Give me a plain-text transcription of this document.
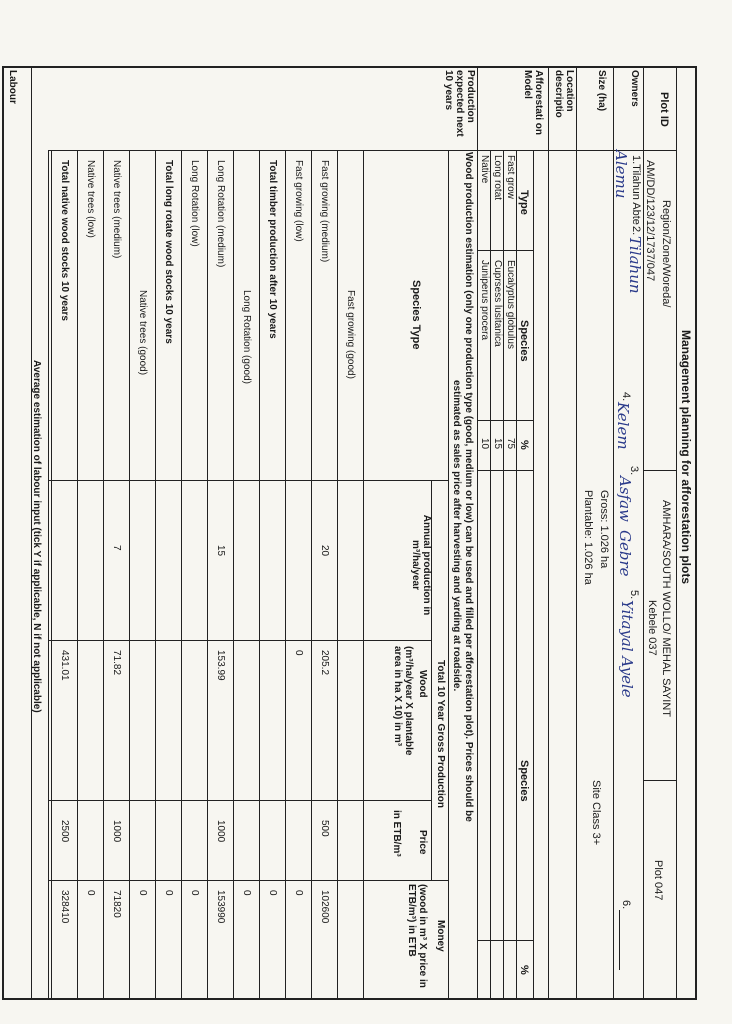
Management planning for afforestation plots
Plot ID
Region/Zone/Woreda/
AMHARA/SOUTH WOLLO/ MEHAL SAYINT
Kebele 037
Plot 047
AM/DD/123/12/1737/047
Owners
1.Tilahun Abte
2.
Tilahun
Alemu
4.
Kelem
3.
Asfaw
Gebre
5.
Yitayal Ayele
6.
Size (ha)
Gross: 1.026 ha
Plantable: 1.026 ha
Site Class 3+
Location descriptio
Afforestati on Model
Type
Species
%
Species
%
Fast grow
Eucalyptus globulus
75
Long rotat
Cuprsess lusitanica
15
Native
Juniperus procera
10
Production expected next 10 years
Wood production estimation (only one production type (good, medium or low) can be used and filled per afforestation plot). Prices should be
estimated as sales price after harvesting and yarding at roadside.
Species Type
Annual production in m³/ha/year
Total 10 Year Gross Production
Wood
(m³/ha/year X plantable area in ha X 10) in m³
Price
in ETB/m³
Money
(wood in m³ X price in ETB/m³) in ETB
Fast growing (good)
Fast growing (medium)
20
205.2
500
102600
Fast growing (low)
0
0
Total timber production after 10 years
0
Long Rotation (good)
0
Long Rotation (medium)
15
153.99
1000
153990
Long Rotation (low)
0
Total long rotate wood stocks 10 years
0
Native trees (good)
0
Native trees (medium)
7
71.82
1000
71820
Native trees (low)
0
Total native wood stocks 10 years
431.01
2500
328410
Labour
Average estimation of labour input (tick Y if applicable, N if not applicable)
